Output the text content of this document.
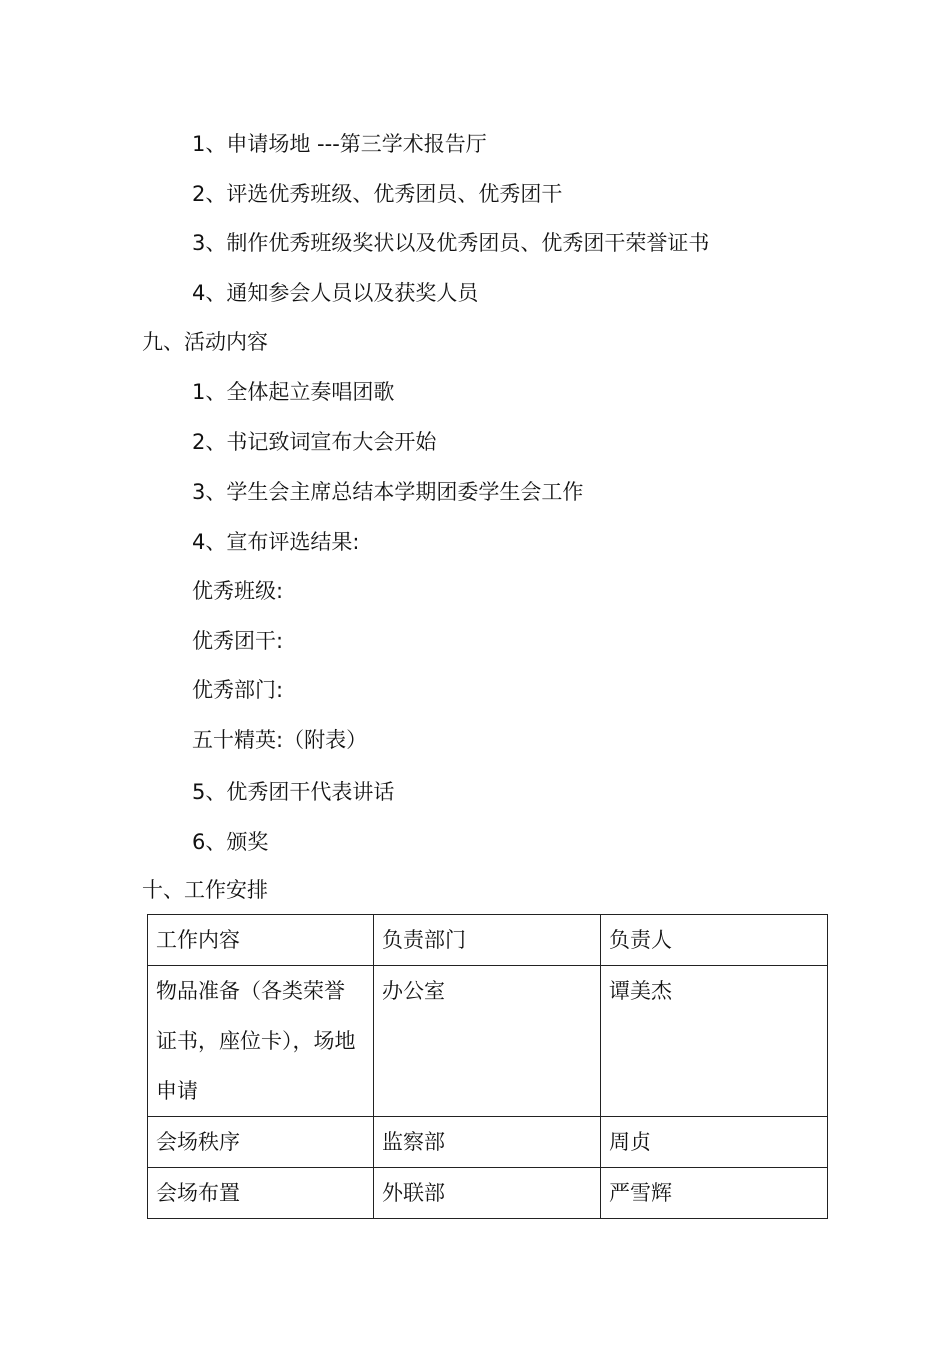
1、申请场地 ---第三学术报告厅
2、评选优秀班级、优秀团员、优秀团干
3、制作优秀班级奖状以及优秀团员、优秀团干荣誉证书
4、通知参会人员以及获奖人员
九、活动内容
1、全体起立奏唱团歌
2、书记致词宣布大会开始
3、学生会主席总结本学期团委学生会工作
4、宣布评选结果:
优秀班级:
优秀团干:
优秀部门:
五十精英:（附表）
5、优秀团干代表讲话
6、颁奖
十、工作安排
工作内容	负责部门	负责人
物品准备（各类荣誉证书，座位卡），场地申请	办公室	谭美杰
会场秩序	监察部	周贞
会场布置	外联部	严雪辉
